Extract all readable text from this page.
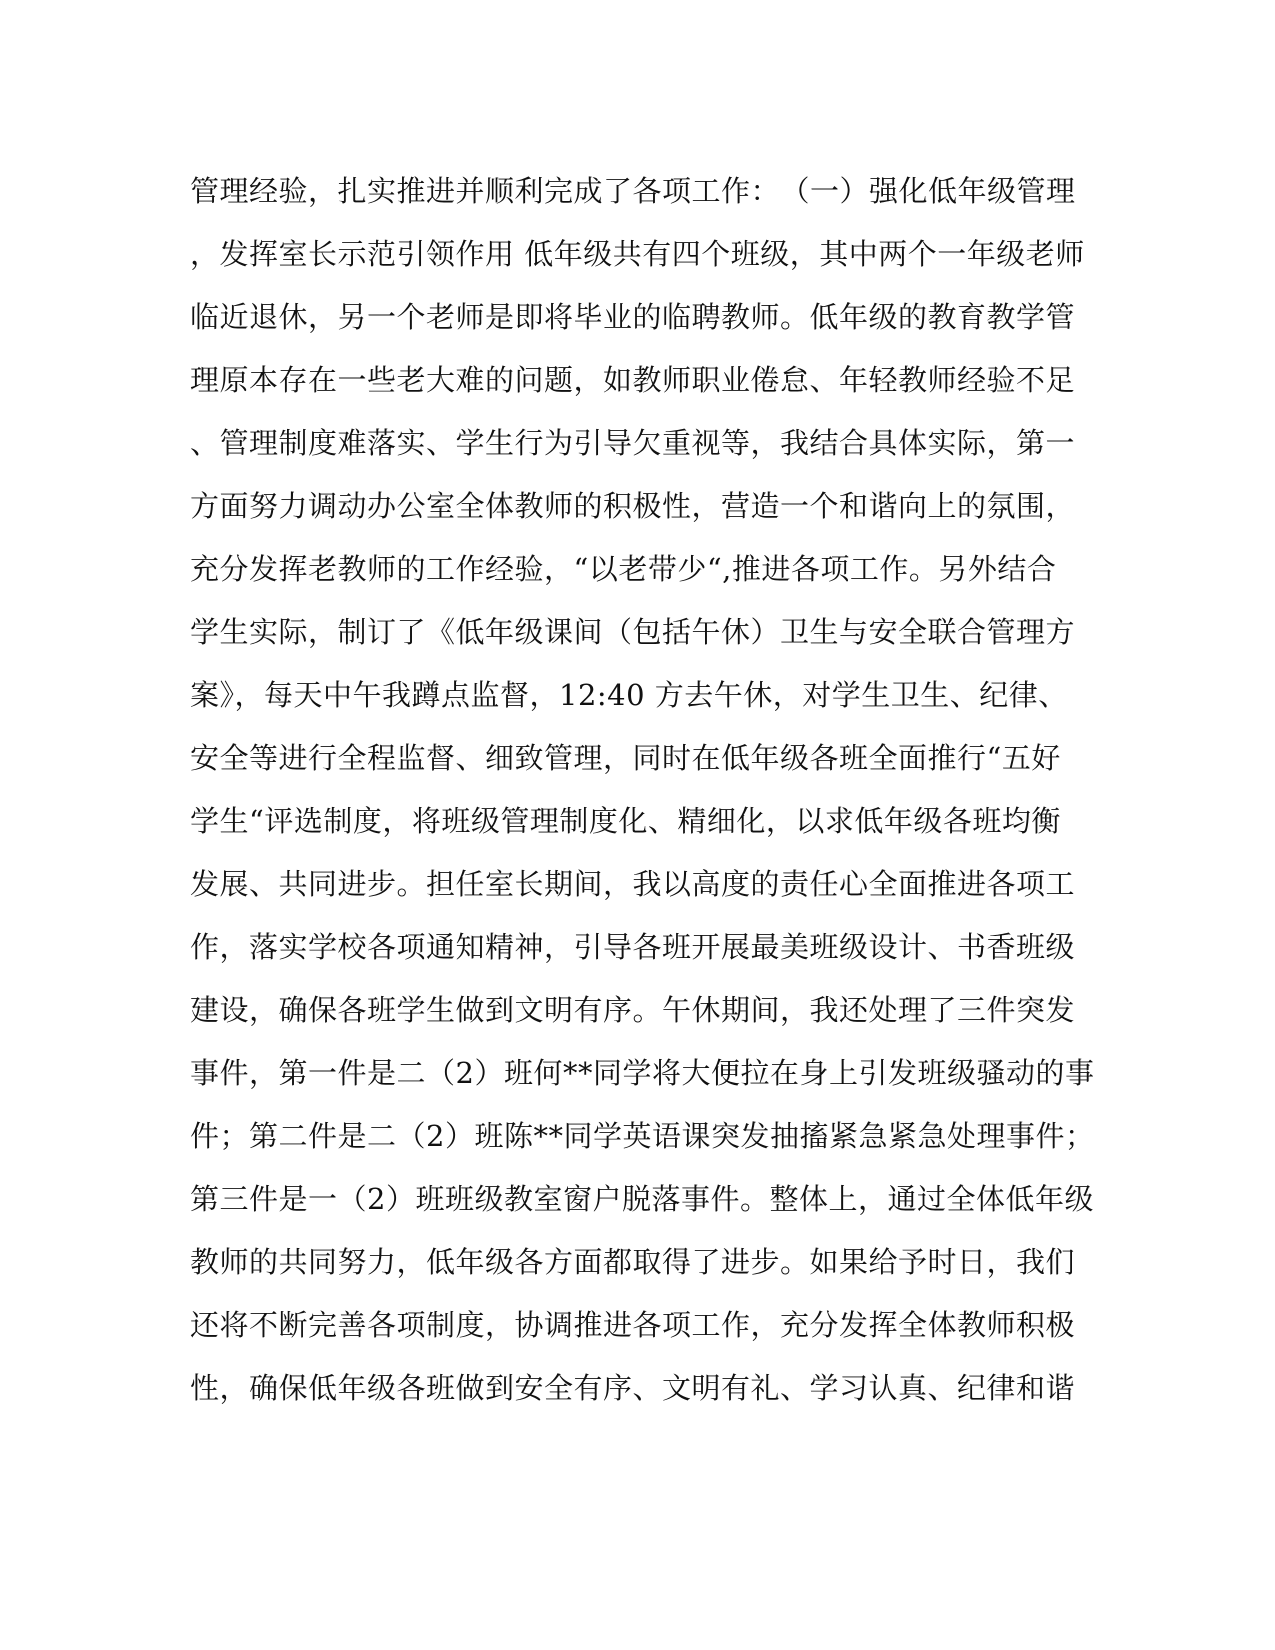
管理经验，扎实推进并顺利完成了各项工作：　（一）强化低年级管理
，发挥室长示范引领作用 低年级共有四个班级，其中两个一年级老师
临近退休，另一个老师是即将毕业的临聘教师。低年级的教育教学管
理原本存在一些老大难的问题，如教师职业倦怠、年轻教师经验不足
、管理制度难落实、学生行为引导欠重视等，我结合具体实际，第一
方面努力调动办公室全体教师的积极性，营造一个和谐向上的氛围，
充分发挥老教师的工作经验，“以老带少“,推进各项工作。另外结合
学生实际，制订了《低年级课间（包括午休）卫生与安全联合管理方
案》，每天中午我蹲点监督，12:40 方去午休，对学生卫生、纪律、
安全等进行全程监督、细致管理，同时在低年级各班全面推行“五好
学生“评选制度，将班级管理制度化、精细化，以求低年级各班均衡
发展、共同进步。担任室长期间，我以高度的责任心全面推进各项工
作，落实学校各项通知精神，引导各班开展最美班级设计、书香班级
建设，确保各班学生做到文明有序。午休期间，我还处理了三件突发
事件，第一件是二（2）班何**同学将大便拉在身上引发班级骚动的事
件；第二件是二（2）班陈**同学英语课突发抽搐紧急紧急处理事件；
第三件是一（2）班班级教室窗户脱落事件。整体上，通过全体低年级
教师的共同努力，低年级各方面都取得了进步。如果给予时日，我们
还将不断完善各项制度，协调推进各项工作，充分发挥全体教师积极
性，确保低年级各班做到安全有序、文明有礼、学习认真、纪律和谐
